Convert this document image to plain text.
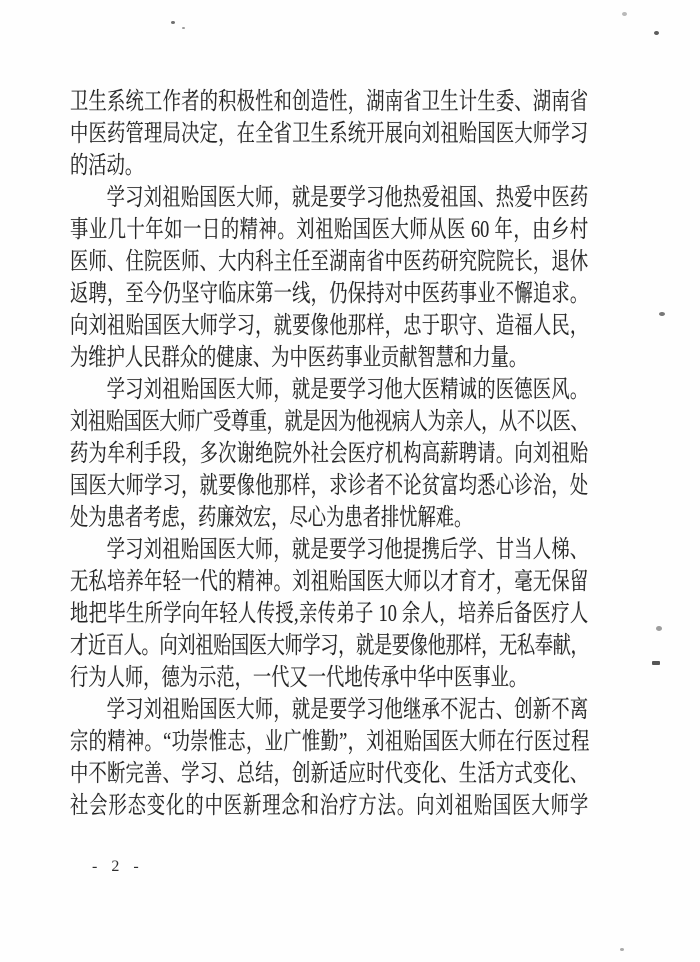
卫生系统工作者的积极性和创造性，湖南省卫生计生委、湖南省
中医药管理局决定，在全省卫生系统开展向刘祖贻国医大师学习
的活动。
学习刘祖贻国医大师，就是要学习他热爱祖国、热爱中医药
事业几十年如一日的精神。刘祖贻国医大师从医 60 年，由乡村
医师、住院医师、大内科主任至湖南省中医药研究院院长，退休
返聘，至今仍坚守临床第一线，仍保持对中医药事业不懈追求。
向刘祖贻国医大师学习，就要像他那样，忠于职守、造福人民，
为维护人民群众的健康、为中医药事业贡献智慧和力量。
学习刘祖贻国医大师，就是要学习他大医精诚的医德医风。
刘祖贻国医大师广受尊重，就是因为他视病人为亲人，从不以医、
药为牟利手段，多次谢绝院外社会医疗机构高薪聘请。向刘祖贻
国医大师学习，就要像他那样，求诊者不论贫富均悉心诊治，处
处为患者考虑，药廉效宏，尽心为患者排忧解难。
学习刘祖贻国医大师，就是要学习他提携后学、甘当人梯、
无私培养年轻一代的精神。刘祖贻国医大师以才育才，毫无保留
地把毕生所学向年轻人传授,亲传弟子 10 余人，培养后备医疗人
才近百人。向刘祖贻国医大师学习，就是要像他那样，无私奉献，
行为人师，德为示范，一代又一代地传承中华中医事业。
学习刘祖贻国医大师，就是要学习他继承不泥古、创新不离
宗的精神。“功崇惟志，业广惟勤”，刘祖贻国医大师在行医过程
中不断完善、学习、总结，创新适应时代变化、生活方式变化、
社会形态变化的中医新理念和治疗方法。向刘祖贻国医大师学
- 2 -
